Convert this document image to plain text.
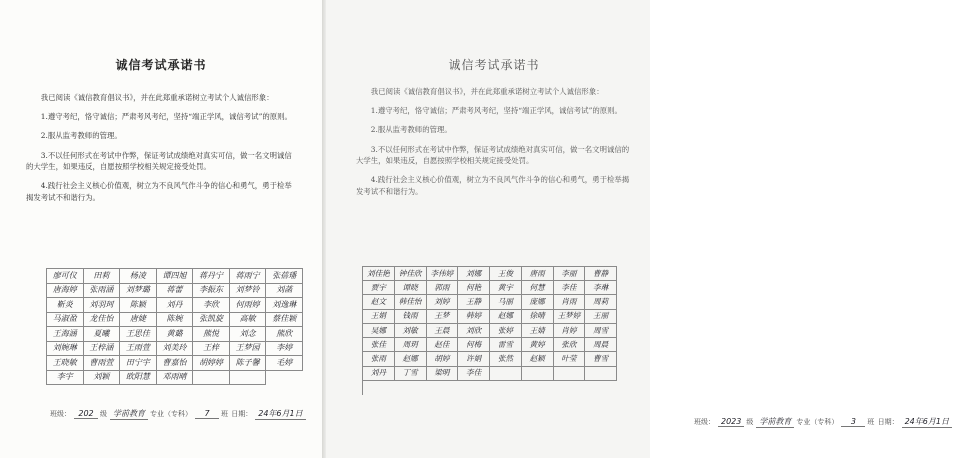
诚信考试承诺书

我已阅读《诚信教育倡议书》，并在此郑重承诺树立考试个人诚信形象：

1.遵守考纪，恪守诚信；严肃考风考纪，坚持“端正学风，诚信考试”的原则。

2.服从监考教师的管理。

3.不以任何形式在考试中作弊，保证考试成绩绝对真实可信，做一名文明诚信的大学生，如果违反，自愿按照学校相关规定接受处罚。

4.践行社会主义核心价值观，树立为不良风气作斗争的信心和勇气，勇于检举揭发考试不和谐行为。

班级： 202 级 学前教育 专业（专科） 7 班 日期： 24年6月1日
诚信考试承诺书

我已阅读《诚信教育倡议书》，并在此郑重承诺树立考试个人诚信形象：

1.遵守考纪，恪守诚信；严肃考风考纪，坚持“端正学风，诚信考试”的原则。

2.服从监考教师的管理。

3.不以任何形式在考试中作弊，保证考试成绩绝对真实可信，做一名文明诚信的大学生，如果违反，自愿按照学校相关规定接受处罚。

4.践行社会主义核心价值观，树立为不良风气作斗争的信心和勇气，勇于检举揭发考试不和谐行为。

班级： 2023 级 学前教育 专业（专科） 3 班 日期： 24年6月1日
廖可仪	田莉	杨凌	谭四旭	蒋丹宁	蒋雨宁	张蓓璠
唐海婷	张雨涵	刘梦璐	蒋蕾	李振东	刘梦铃	刘菡
靳炎	刘羽珂	陈颖	刘丹	李欣	何雨婷	刘逸琳
马淑盈	龙佳怡	唐婕	陈婉	张凯旋	高敏	蔡佳颖
王海涵	夏曦	王思佳	黄璐	熊悦	刘念	熊欣
刘婉琳	王梓涵	王雨萱	刘美玲	王梓	王梦园	李婷
王晓敏	曹雨萱	田宁宇	曹嘉怡	胡婷婷	陈子馨	毛婷
李宇	刘颖	欧阳慧	邓雨晴
刘佳艳	钟佳欣	李伟婷	刘娜	王俊	唐雨	李丽	曹静
贾宇	谭晓	郭雨	何艳	黄宇	何慧	李佳	李琳
赵文	韩佳怡	刘婷	王静	马丽	庞娜	肖雨	周莉
王娟	钱雨	王梦	韩婷	赵娜	徐晴	王梦婷	王丽
吴娜	刘敏	王晨	刘欣	张婷	王婧	肖婷	周雪
张佳	周玥	赵佳	何梅	雷雪	黄婷	张欣	周晨
张雨	赵娜	胡婷	许娟	张然	赵颖	叶莹	曹雪
刘丹	丁雪	梁明	李佳
